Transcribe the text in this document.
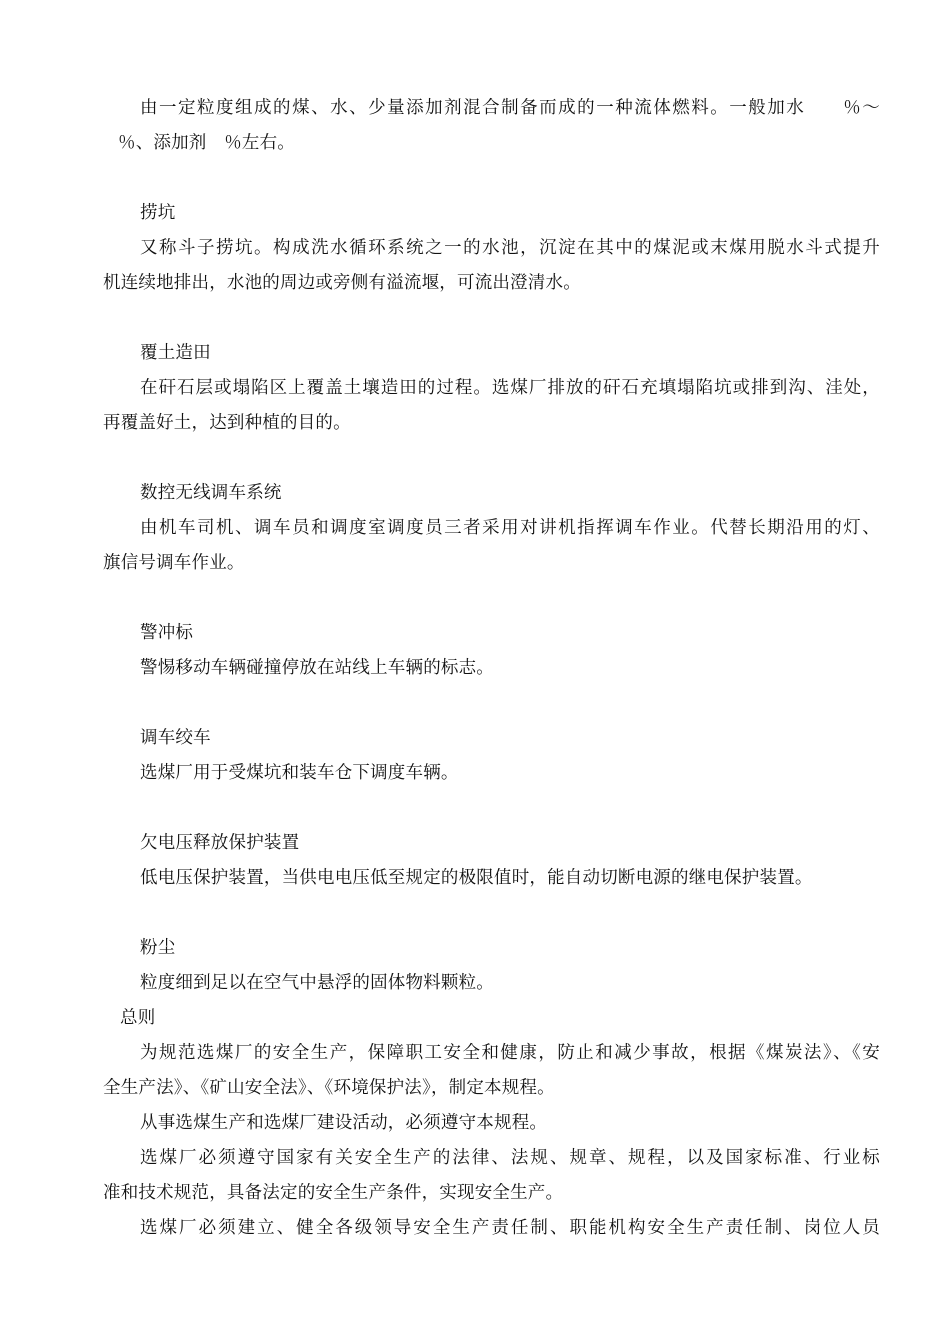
由一定粒度组成的煤、水、少量添加剂混合制备而成的一种流体燃料。一般加水　　％～
％、添加剂　％左右。
捞坑
又称斗子捞坑。构成洗水循环系统之一的水池，沉淀在其中的煤泥或末煤用脱水斗式提升
机连续地排出，水池的周边或旁侧有溢流堰，可流出澄清水。
覆土造田
在矸石层或塌陷区上覆盖土壤造田的过程。选煤厂排放的矸石充填塌陷坑或排到沟、洼处，
再覆盖好土，达到种植的目的。
数控无线调车系统
由机车司机、调车员和调度室调度员三者采用对讲机指挥调车作业。代替长期沿用的灯、
旗信号调车作业。
警冲标
警惕移动车辆碰撞停放在站线上车辆的标志。
调车绞车
选煤厂用于受煤坑和装车仓下调度车辆。
欠电压释放保护装置
低电压保护装置，当供电电压低至规定的极限值时，能自动切断电源的继电保护装置。
粉尘
粒度细到足以在空气中悬浮的固体物料颗粒。
总则
为规范选煤厂的安全生产，保障职工安全和健康，防止和减少事故，根据《煤炭法》、《安
全生产法》、《矿山安全法》、《环境保护法》，制定本规程。
从事选煤生产和选煤厂建设活动，必须遵守本规程。
选煤厂必须遵守国家有关安全生产的法律、法规、规章、规程，以及国家标准、行业标
准和技术规范，具备法定的安全生产条件，实现安全生产。
选煤厂必须建立、健全各级领导安全生产责任制、职能机构安全生产责任制、岗位人员
